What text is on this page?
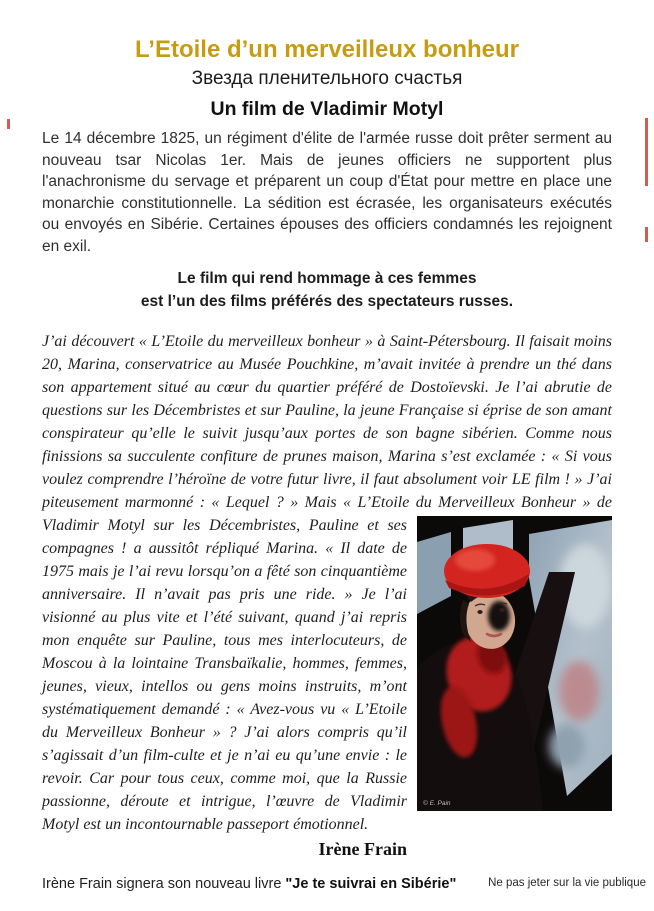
L’Etoile d’un merveilleux bonheur
Звезда пленительного счастья
Un film de Vladimir Motyl

Le 14 décembre 1825, un régiment d'élite de l'armée russe doit prêter serment au nouveau tsar Nicolas 1er. Mais de jeunes officiers ne supportent plus l'anachronisme du servage et préparent un coup d'État pour mettre en place une monarchie constitutionnelle. La sédition est écrasée, les organisateurs exécutés ou envoyés en Sibérie. Certaines épouses des officiers condamnés les rejoignent en exil.

Le film qui rend hommage à ces femmes
est l’un des films préférés des spectateurs russes.

J’ai découvert « L’Etoile du merveilleux bonheur » à Saint-Pétersbourg. Il faisait moins 20, Marina, conservatrice au Musée Pouchkine, m’avait invitée à prendre un thé dans son appartement situé au cœur du quartier préféré de Dostoïevski. Je l’ai abrutie de questions sur les Décembristes et sur Pauline, la jeune Française si éprise de son amant conspirateur qu’elle le suivit jusqu’aux portes de son bagne sibérien. Comme nous finissions sa succulente confiture de prunes maison, Marina s’est exclamée : « Si vous voulez comprendre l’héroïne de votre futur livre, il faut absolument voir LE film ! » J’ai piteusement marmonné : « Lequel ? » Mais « L’Etoile du Merveilleux Bonheur » de Vladimir Motyl sur les Décembristes, Pauline et ses
© E. Pain
compagnes ! a aussitôt répliqué Marina. « Il date de 1975 mais je l’ai revu lorsqu’on a fêté son cinquantième anniversaire. Il n’avait pas pris une ride. » Je l’ai visionné au plus vite et l’été suivant, quand j’ai repris mon enquête sur Pauline, tous mes interlocuteurs, de Moscou à la lointaine Transbaïkalie, hommes, femmes, jeunes, vieux, intellos ou gens moins instruits, m’ont systématiquement demandé : « Avez-vous vu « L’Etoile du Merveilleux Bonheur » ? J’ai alors compris qu’il s’agissait d’un film-culte et je n’ai eu qu’une envie : le revoir. Car pour tous ceux, comme moi, que la Russie passionne, déroute et intrigue, l’œuvre de Vladimir Motyl est un incontournable passeport émotionnel.

Irène Frain
Irène Frain signera son nouveau livre "Je te suivrai en Sibérie"	Ne pas jeter sur la vie publique
